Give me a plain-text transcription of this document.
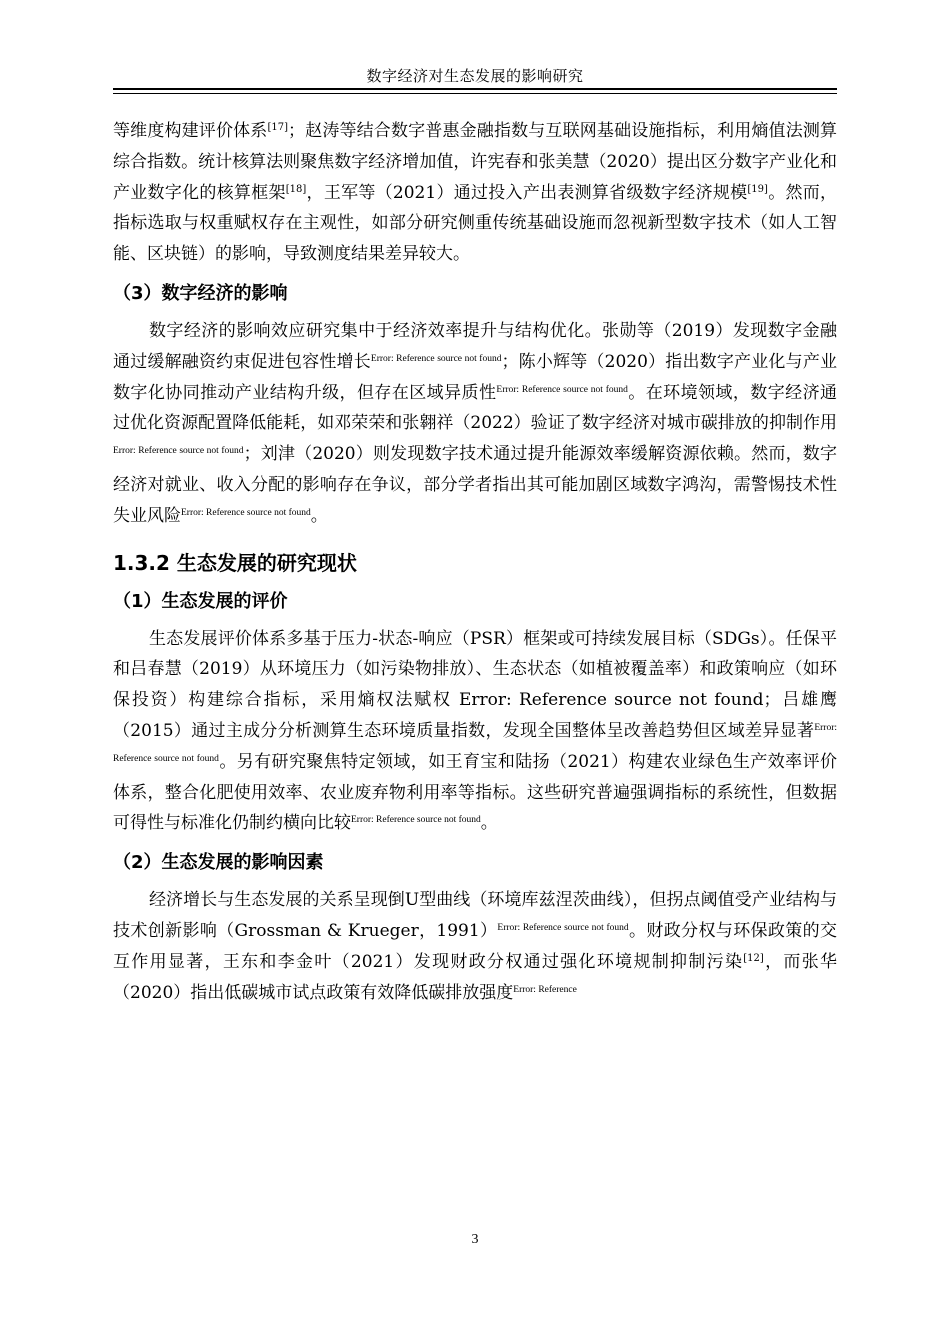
数字经济对生态发展的影响研究

等维度构建评价体系[17]；赵涛等结合数字普惠金融指数与互联网基础设施指标，利用熵值法测算综合指数。统计核算法则聚焦数字经济增加值，许宪春和张美慧（2020）提出区分数字产业化和产业数字化的核算框架[18]，王军等（2021）通过投入产出表测算省级数字经济规模[19]。然而，指标选取与权重赋权存在主观性，如部分研究侧重传统基础设施而忽视新型数字技术（如人工智能、区块链）的影响，导致测度结果差异较大。

（3）数字经济的影响

数字经济的影响效应研究集中于经济效率提升与结构优化。张勋等（2019）发现数字金融通过缓解融资约束促进包容性增长$^{Error: Reference source not found}$；陈小辉等（2020）指出数字产业化与产业数字化协同推动产业结构升级，但存在区域异质性$^{Error: Reference source not found}$。在环境领域，数字经济通过优化资源配置降低能耗，如邓荣荣和张翱祥（2022）验证了数字经济对城市碳排放的抑制作用$^{Error: Reference source not found}$；刘津（2020）则发现数字技术通过提升能源效率缓解资源依赖。然而，数字经济对就业、收入分配的影响存在争议，部分学者指出其可能加剧区域数字鸿沟，需警惕技术性失业风险$^{Error: Reference source not found}$。

1.3.2 生态发展的研究现状
（1）生态发展的评价

生态发展评价体系多基于压力-状态-响应（PSR）框架或可持续发展目标（SDGs）。任保平和吕春慧（2019）从环境压力（如污染物排放）、生态状态（如植被覆盖率）和政策响应（如环保投资）构建综合指标，采用熵权法赋权 Error: Reference source not found；吕雄鹰（2015）通过主成分分析测算生态环境质量指数，发现全国整体呈改善趋势但区域差异显著$^{Error: Reference source not found}$。另有研究聚焦特定领域，如王育宝和陆扬（2021）构建农业绿色生产效率评价体系，整合化肥使用效率、农业废弃物利用率等指标。这些研究普遍强调指标的系统性，但数据可得性与标准化仍制约横向比较$^{Error: Reference source not found}$。

（2）生态发展的影响因素

经济增长与生态发展的关系呈现倒U型曲线（环境库兹涅茨曲线），但拐点阈值受产业结构与技术创新影响（Grossman & Krueger，1991）$^{Error: Reference source not found}$。财政分权与环保政策的交互作用显著，王东和李金叶（2021）发现财政分权通过强化环境规制抑制污染[12]，而张华（2020）指出低碳城市试点政策有效降低碳排放强度$^{Error: Reference}$

3
